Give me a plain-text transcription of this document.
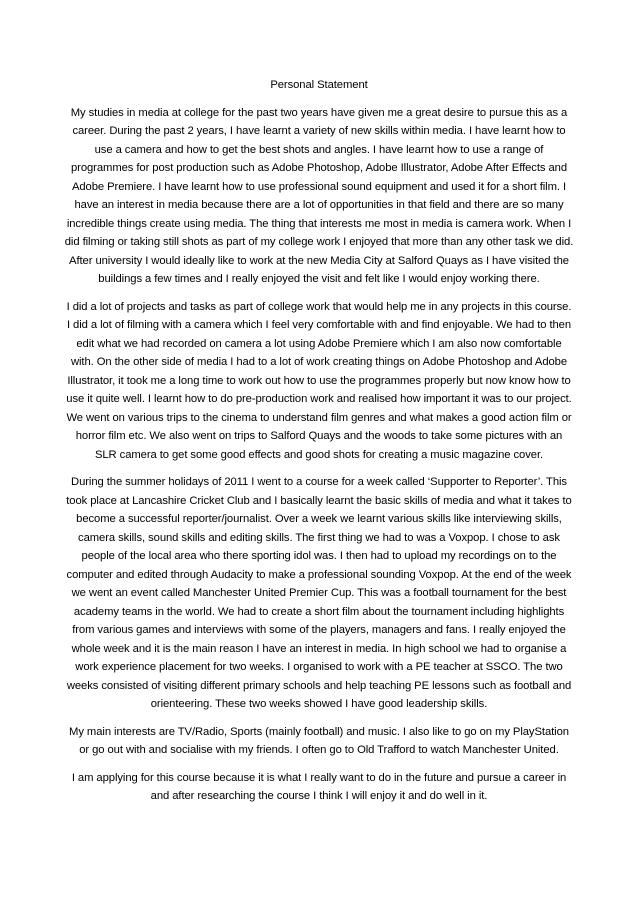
Personal Statement

My studies in media at college for the past two years have given me a great desire to pursue this as a career. During the past 2 years, I have learnt a variety of new skills within media. I have learnt how to use a camera and how to get the best shots and angles. I have learnt how to use a range of programmes for post production such as Adobe Photoshop, Adobe Illustrator, Adobe After Effects and Adobe Premiere. I have learnt how to use professional sound equipment and used it for a short film. I have an interest in media because there are a lot of opportunities in that field and there are so many incredible things create using media. The thing that interests me most in media is camera work. When I did filming or taking still shots as part of my college work I enjoyed that more than any other task we did. After university I would ideally like to work at the new Media City at Salford Quays as I have visited the buildings a few times and I really enjoyed the visit and felt like I would enjoy working there.

I did a lot of projects and tasks as part of college work that would help me in any projects in this course. I did a lot of filming with a camera which I feel very comfortable with and find enjoyable. We had to then edit what we had recorded on camera a lot using Adobe Premiere which I am also now comfortable with. On the other side of media I had to a lot of work creating things on Adobe Photoshop and Adobe Illustrator, it took me a long time to work out how to use the programmes properly but now know how to use it quite well. I learnt how to do pre-production work and realised how important it was to our project. We went on various trips to the cinema to understand film genres and what makes a good action film or horror film etc. We also went on trips to Salford Quays and the woods to take some pictures with an SLR camera to get some good effects and good shots for creating a music magazine cover.

During the summer holidays of 2011 I went to a course for a week called ‘Supporter to Reporter’. This took place at Lancashire Cricket Club and I basically learnt the basic skills of media and what it takes to become a successful reporter/journalist. Over a week we learnt various skills like interviewing skills, camera skills, sound skills and editing skills. The first thing we had to was a Voxpop. I chose to ask people of the local area who there sporting idol was. I then had to upload my recordings on to the computer and edited through Audacity to make a professional sounding Voxpop. At the end of the week we went an event called Manchester United Premier Cup. This was a football tournament for the best academy teams in the world. We had to create a short film about the tournament including highlights from various games and interviews with some of the players, managers and fans. I really enjoyed the whole week and it is the main reason I have an interest in media. In high school we had to organise a work experience placement for two weeks. I organised to work with a PE teacher at SSCO. The two weeks consisted of visiting different primary schools and help teaching PE lessons such as football and orienteering. These two weeks showed I have good leadership skills.

My main interests are TV/Radio, Sports (mainly football) and music. I also like to go on my PlayStation or go out with and socialise with my friends. I often go to Old Trafford to watch Manchester United.

I am applying for this course because it is what I really want to do in the future and pursue a career in and after researching the course I think I will enjoy it and do well in it.
